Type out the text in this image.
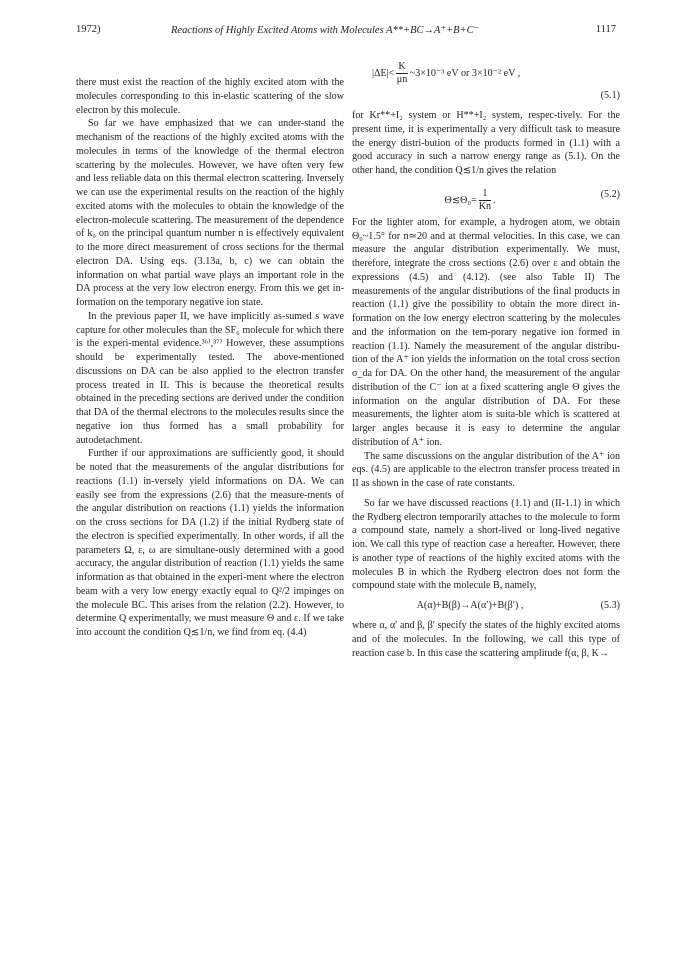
1972)	Reactions of Highly Excited Atoms with Molecules A**+BC→A⁺+B+C⁻	1117

there must exist the reaction of the highly excited atom with the molecules corresponding to this in-elastic scattering of the slow electron by this molecule.

So far we have emphasized that we can under-stand the mechanism of the reactions of the highly excited atoms with the molecules in terms of the knowledge of the thermal electron scattering by the molecules. However, we have often very few and less reliable data on this thermal electron scattering. Inversely we can use the experimental results on the reaction of the highly excited atoms with the molecules to obtain the knowledge of the electron-molecule scattering. The measurement of the dependence of k₀ on the principal quantum number n is effectively equivalent to the more direct measurement of cross sections for the thermal electron DA. Using eqs. (3.13a, b, c) we can obtain the information on what partial wave plays an important role in the DA process at the very low electron energy. From this we get in-formation on the temporary negative ion state.

In the previous paper II, we have implicitly as-sumed s wave capture for other molecules than the SF₆ molecule for which there is the experi-mental evidence.³⁶⁾,³⁷⁾ However, these assumptions should be experimentally tested. The above-mentioned discussions on DA can be also applied to the electron transfer process treated in II. This is because the theoretical results obtained in the preceding sections are derived under the condition that DA of the thermal electrons to the molecules results since the negative ion thus formed has a small probability for autodetachment.

Further if our approximations are sufficiently good, it should be noted that the measurements of the angular distributions for reactions (1.1) in-versely yield informations on DA. We can easily see from the expressions (2.6) that the measure-ments of the angular distribution on reactions (1.1) yields the information on the cross sections for DA (1.2) if the initial Rydberg state of the electron is specified experimentally. In other words, if all the parameters Ω, ε, ω are simultane-ously determined with a good accuracy, the angular distribution of reaction (1.1) yields the same information as that obtained in the experi-ment where the electron beam with a very low energy exactly equal to Q²/2 impinges on the molecule BC. This arises from the relation (2.2). However, to determine Q experimentally, we must measure Θ and ε. If we take into account the condition Q≲1/n, we find from eq. (4.4)

$|\Delta E|< \frac{K}{\mu n}$ ~3×10⁻³ eV or 3×10⁻² eV ,
(5.1)

for Kr**+I₂ system or H**+I₂ system, respec-tively. For the present time, it is experimentally a very difficult task to measure the energy distri-bution of the products formed in (1.1) with a good accuracy in such a narrow energy range as (5.1). On the other hand, the condition Q≲1/n gives the relation

Θ≲Θ₀= $\frac{1}{Kn}$ .
(5.2)

For the lighter atom, for example, a hydrogen atom, we obtain Θ₀~1.5° for n≃20 and at thermal velocities. In this case, we can measure the angular distribution experimentally. We must, therefore, integrate the cross sections (2.6) over ε and obtain the expressions (4.5) and (4.12). (see also Table II) The measurements of the angular distributions of the final products in reaction (1.1) give the possibility to obtain the more direct in-formation on the low energy electron scattering by the molecules and the information on the tem-porary negative ion formed in reaction (1.1). Namely the measurement of the angular distribu-tion of the A⁺ ion yields the information on the total cross section σ_da for DA. On the other hand, the measurement of the angular distribution of the C⁻ ion at a fixed scattering angle Θ gives the information on the angular distribution of DA. For these measurements, the lighter atom is suita-ble which is scattered at larger angles because it is easy to determine the angular distribution of A⁺ ion.

The same discussions on the angular distribution of the A⁺ ion eqs. (4.5) are applicable to the electron transfer process treated in II as shown in the case of rate constants.

So far we have discussed reactions (1.1) and (II-1.1) in which the Rydberg electron temporarily attaches to the molecule to form a compound state, namely a short-lived or long-lived negative ion. We call this type of reaction case a hereafter. However, there is another type of reactions of the highly excited atoms with the molecules B in which the Rydberg electron does not form the compound state with the molecule B, namely,

A(α)+B(β)→A(α′)+B(β′) ,	(5.3)

where α, α′ and β, β′ specify the states of the highly excited atoms and of the molecules. In the following, we call this type of reaction case b. In this case the scattering amplitude f(α, β, K→
